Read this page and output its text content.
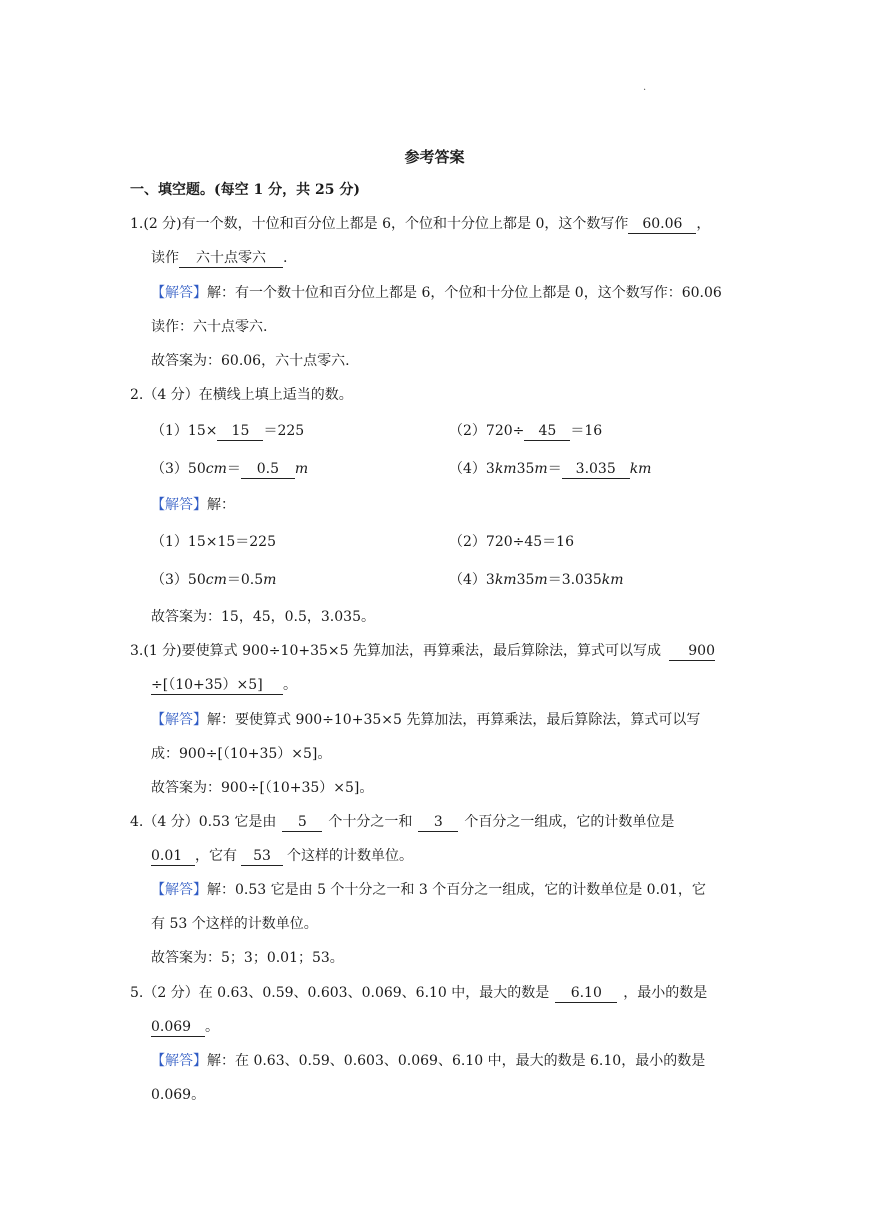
.
参考答案
一、填空题。(每空 1 分，共 25 分)
1.(2 分)有一个数，十位和百分位上都是 6，个位和十分位上都是 0，这个数写作 60.06 ，
读作 六十点零六 .
【解答】解：有一个数十位和百分位上都是 6，个位和十分位上都是 0，这个数写作：60.06
读作：六十点零六.
故答案为：60.06，六十点零六.
2.（4 分）在横线上填上适当的数。
（1）15× 15 ＝225	（2）720÷ 45 ＝16
（3）50cm＝ 0.5 m	（4）3km35m＝ 3.035 km
【解答】解：
（1）15×15＝225	（2）720÷45＝16
（3）50cm＝0.5m	（4）3km35m＝3.035km
故答案为：15，45，0.5，3.035。
3.(1 分)要使算式 900÷10+35×5 先算加法，再算乘法，最后算除法，算式可以写成 900
÷[（10+35）×5] 。
【解答】解：要使算式 900÷10+35×5 先算加法，再算乘法，最后算除法，算式可以写
成：900÷[（10+35）×5]。
故答案为：900÷[（10+35）×5]。
4.（4 分）0.53 它是由 5 个十分之一和 3 个百分之一组成，它的计数单位是
0.01 ，它有 53 个这样的计数单位。
【解答】解：0.53 它是由 5 个十分之一和 3 个百分之一组成，它的计数单位是 0.01，它
有 53 个这样的计数单位。
故答案为：5；3；0.01；53。
5.（2 分）在 0.63、0.59、0.603、0.069、6.10 中，最大的数是 6.10 ，最小的数是
0.069 。
【解答】解：在 0.63、0.59、0.603、0.069、6.10 中，最大的数是 6.10，最小的数是
0.069。
